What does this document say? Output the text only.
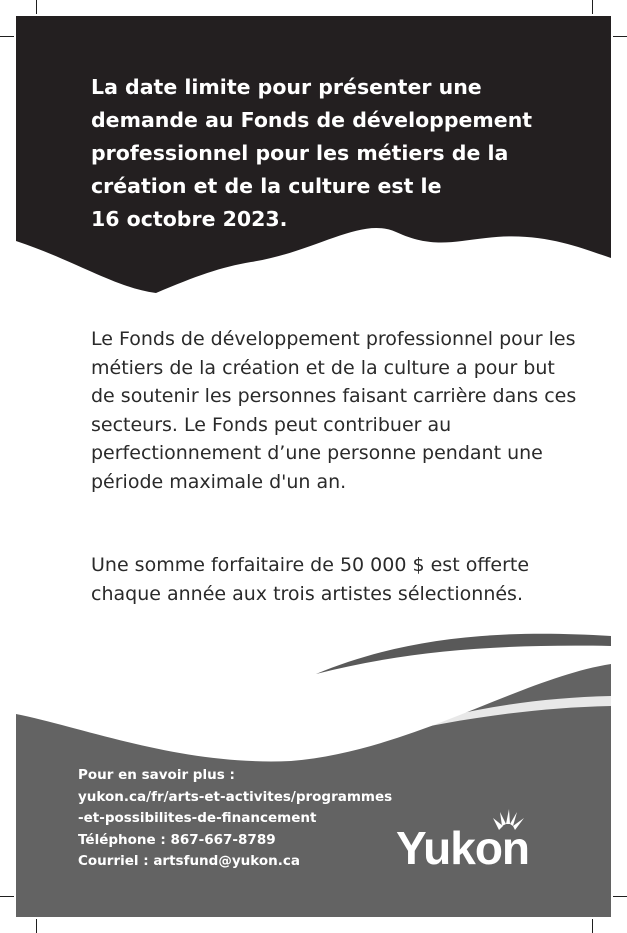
La date limite pour présenter une demande au Fonds de développement professionnel pour les métiers de la création et de la culture est le
16 octobre 2023.
Le Fonds de développement professionnel pour les métiers de la création et de la culture a pour but de soutenir les personnes faisant carrière dans ces secteurs. Le Fonds peut contribuer au perfectionnement d’une personne pendant une période maximale d'un an.
Une somme forfaitaire de 50 000 $ est offerte chaque année aux trois artistes sélectionnés.
Pour en savoir plus :
yukon.ca/fr/arts-et-activites/programmes
-et-possibilites-de-financement
Téléphone : 867-667-8789
Courriel : artsfund@yukon.ca	Yukon
